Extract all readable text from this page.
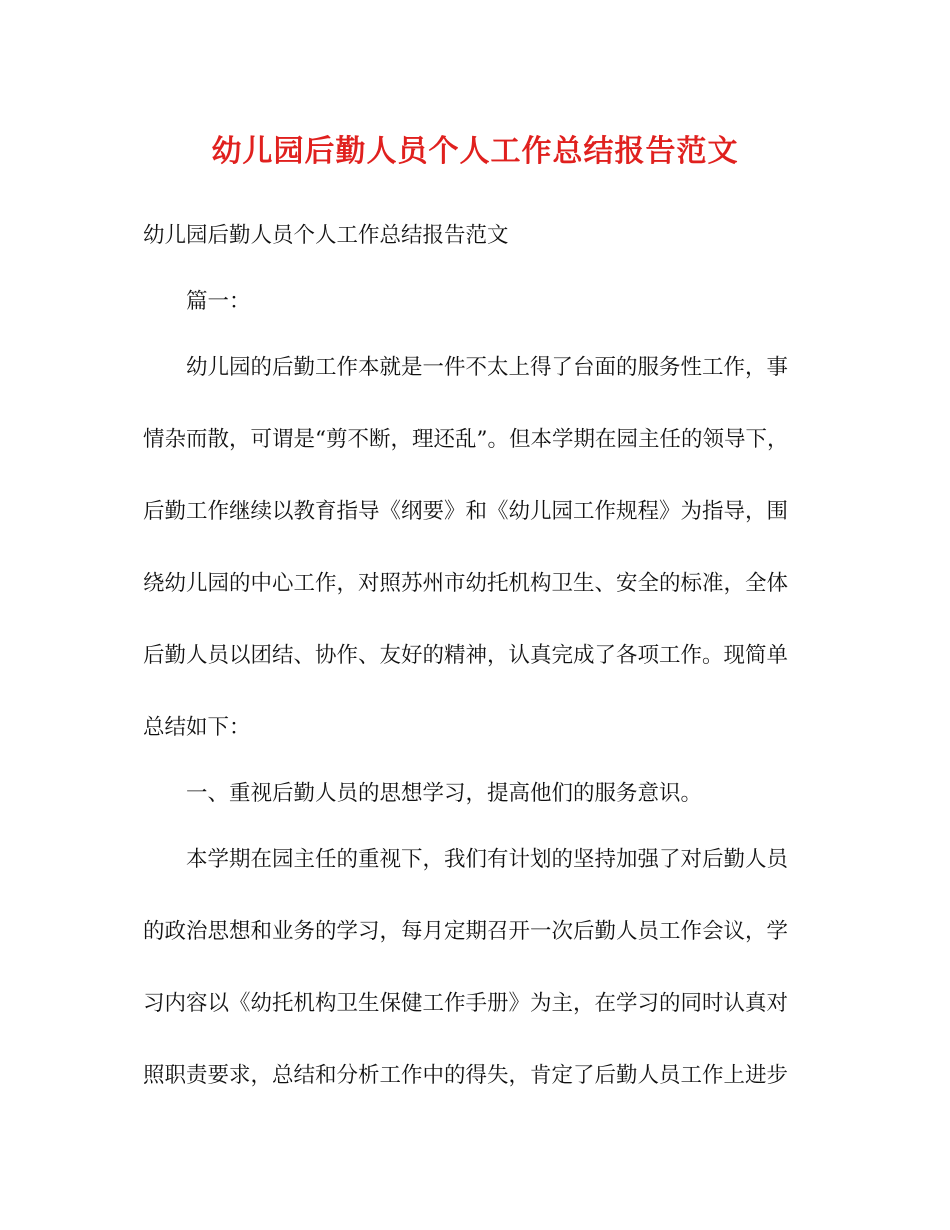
幼儿园后勤人员个人工作总结报告范文
幼儿园后勤人员个人工作总结报告范文
篇一：
幼儿园的后勤工作本就是一件不太上得了台面的服务性工作，事
情杂而散，可谓是“剪不断，理还乱”。但本学期在园主任的领导下，
后勤工作继续以教育指导《纲要》和《幼儿园工作规程》为指导，围
绕幼儿园的中心工作，对照苏州市幼托机构卫生、安全的标准，全体
后勤人员以团结、协作、友好的精神，认真完成了各项工作。现简单
总结如下：
一、重视后勤人员的思想学习，提高他们的服务意识。
本学期在园主任的重视下，我们有计划的坚持加强了对后勤人员
的政治思想和业务的学习，每月定期召开一次后勤人员工作会议，学
习内容以《幼托机构卫生保健工作手册》为主，在学习的同时认真对
照职责要求，总结和分析工作中的得失，肯定了后勤人员工作上进步
